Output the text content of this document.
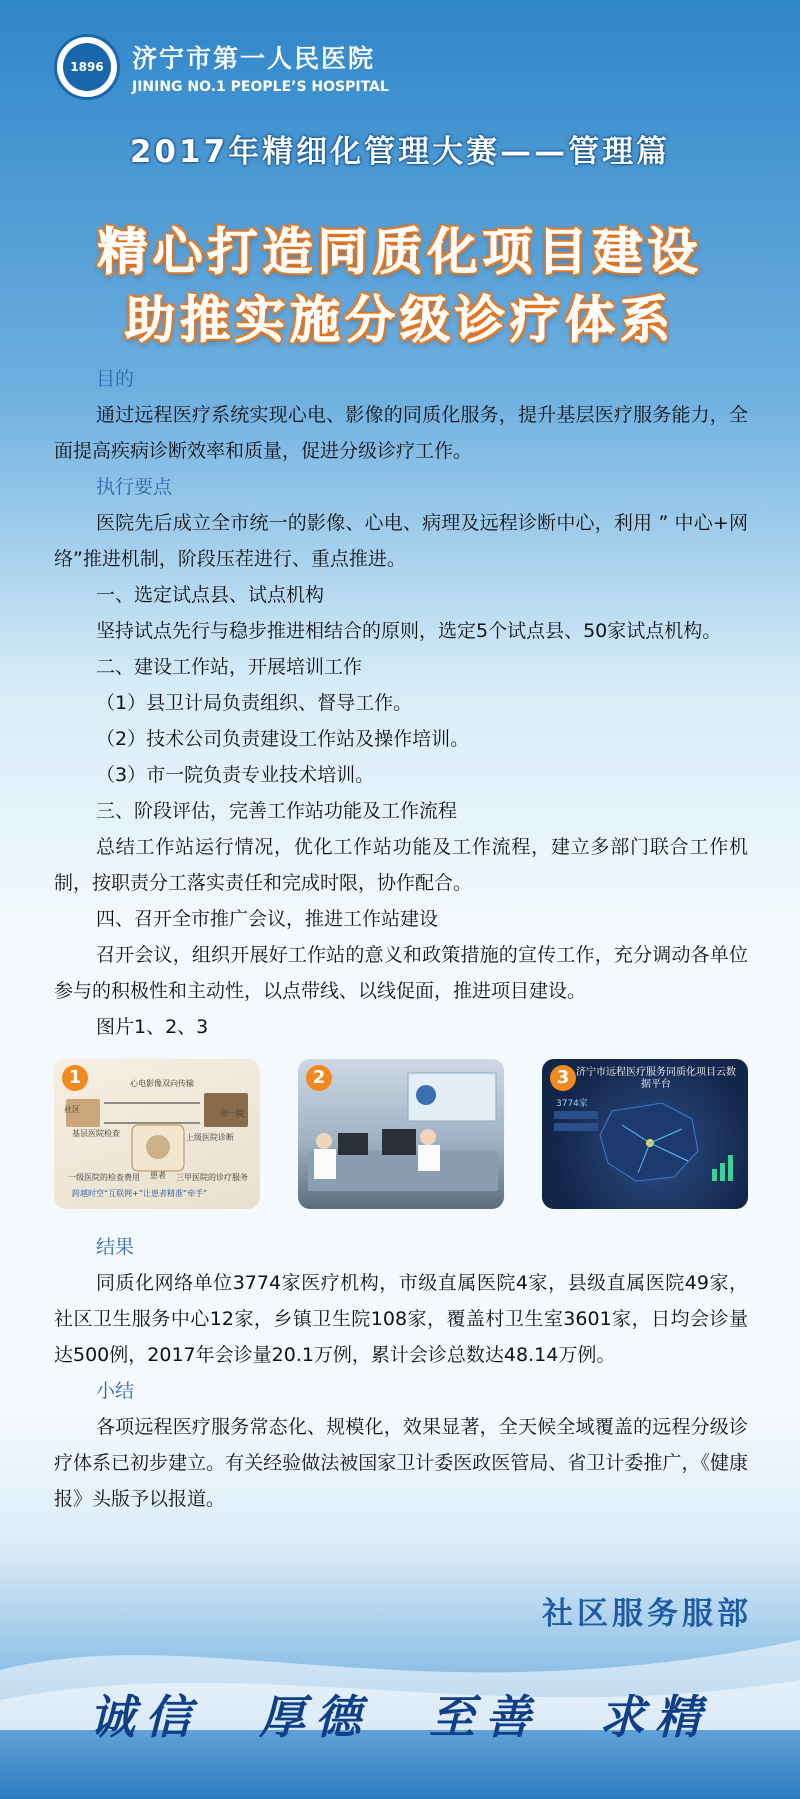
1896 济宁市第一人民医院
JINING NO.1 PEOPLE’S HOSPITAL
2017年精细化管理大赛——管理篇
精心打造同质化项目建设
助推实施分级诊疗体系
目的
通过远程医疗系统实现心电、影像的同质化服务，提升基层医疗服务能力，全面提高疾病诊断效率和质量，促进分级诊疗工作。
执行要点
医院先后成立全市统一的影像、心电、病理及远程诊断中心，利用 ” 中心+网络”推进机制，阶段压茬进行、重点推进。
一、选定试点县、试点机构
坚持试点先行与稳步推进相结合的原则，选定5个试点县、50家试点机构。
二、建设工作站，开展培训工作
（1）县卫计局负责组织、督导工作。
（2）技术公司负责建设工作站及操作培训。
（3）市一院负责专业技术培训。
三、阶段评估，完善工作站功能及工作流程
总结工作站运行情况，优化工作站功能及工作流程，建立多部门联合工作机制，按职责分工落实责任和完成时限，协作配合。
四、召开全市推广会议，推进工作站建设
召开会议，组织开展好工作站的意义和政策措施的宣传工作，充分调动各单位参与的积极性和主动性，以点带线、以线促面，推进项目建设。
图片1、2、3
1	心电影像双向传输
社区	市一院
基层医院检查	上级医院诊断
患者
一级医院的检查费用	三甲医院的诊疗服务
跨越时空“互联网+”让患者精准“牵手”
2	3 济宁市远程医疗服务同质化项目云数据平台
3774家
结果
同质化网络单位3774家医疗机构，市级直属医院4家，县级直属医院49家，社区卫生服务中心12家，乡镇卫生院108家，覆盖村卫生室3601家，日均会诊量达500例，2017年会诊量20.1万例，累计会诊总数达48.14万例。
小结
各项远程医疗服务常态化、规模化，效果显著，全天候全域覆盖的远程分级诊疗体系已初步建立。有关经验做法被国家卫计委医政医管局、省卫计委推广，《健康报》头版予以报道。
社区服务服部
诚信 厚德 至善 求精
